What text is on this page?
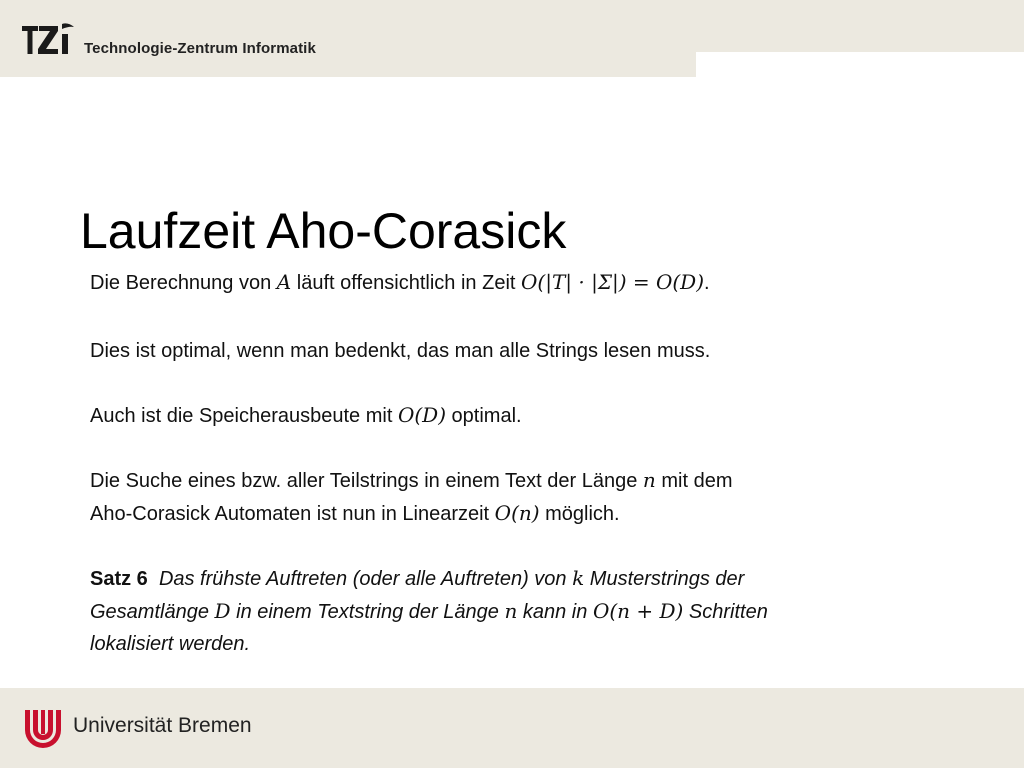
Technologie-Zentrum Informatik
Laufzeit Aho-Corasick

Die Berechnung von A läuft offensichtlich in Zeit O(|T| · |Σ|) = O(D).

Dies ist optimal, wenn man bedenkt, das man alle Strings lesen muss.

Auch ist die Speicherausbeute mit O(D) optimal.

Die Suche eines bzw. aller Teilstrings in einem Text der Länge n mit dem
Aho-Corasick Automaten ist nun in Linearzeit O(n) möglich.

Satz 6 Das frühste Auftreten (oder alle Auftreten) von k Musterstrings der
Gesamtlänge D in einem Textstring der Länge n kann in O(n + D) Schritten
lokalisiert werden.

Universität Bremen
